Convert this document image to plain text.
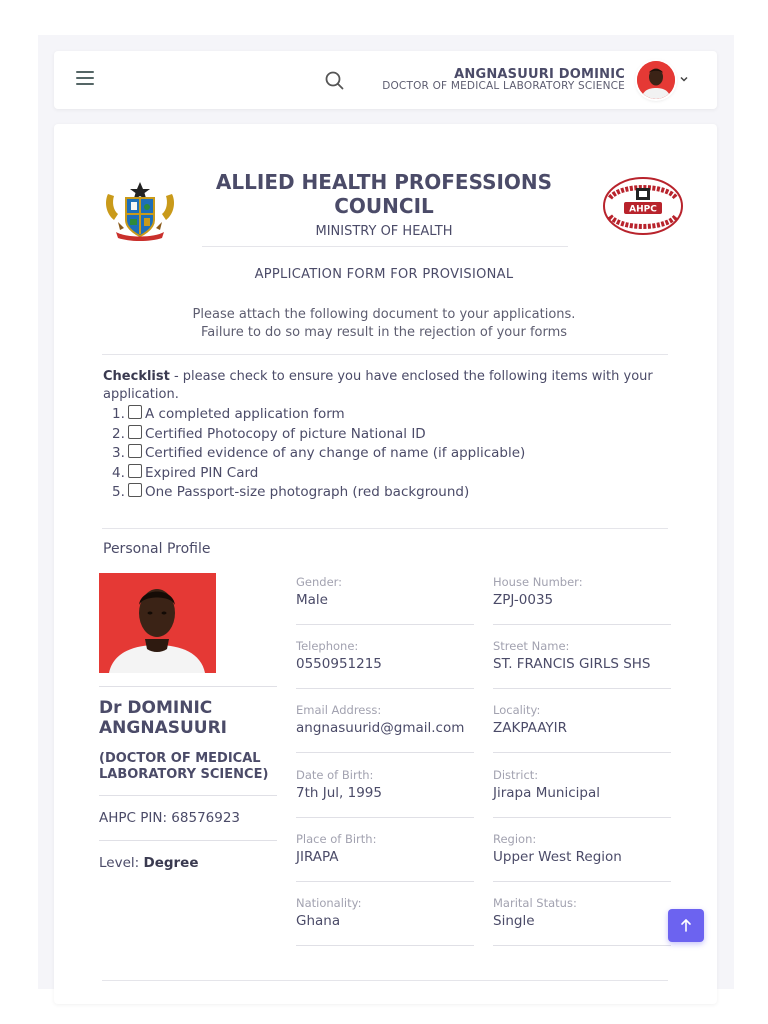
ANGNASUURI DOMINIC
DOCTOR OF MEDICAL LABORATORY SCIENCE
ALLIED HEALTH PROFESSIONS COUNCIL
MINISTRY OF HEALTH
AHPC
APPLICATION FORM FOR PROVISIONAL
Please attach the following document to your applications.
Failure to do so may result in the rejection of your forms
Checklist - please check to ensure you have enclosed the following items with your application.
1. A completed application form
2. Certified Photocopy of picture National ID
3. Certified evidence of any change of name (if applicable)
4. Expired PIN Card
5. One Passport-size photograph (red background)
Personal Profile
Dr DOMINIC
ANGNASUURI
(DOCTOR OF MEDICAL
LABORATORY SCIENCE)
AHPC PIN: 68576923
Level: Degree
Gender:
Male
Telephone:
0550951215
Email Address:
angnasuurid@gmail.com
Date of Birth:
7th Jul, 1995
Place of Birth:
JIRAPA
Nationality:
Ghana
House Number:
ZPJ-0035
Street Name:
ST. FRANCIS GIRLS SHS
Locality:
ZAKPAAYIR
District:
Jirapa Municipal
Region:
Upper West Region
Marital Status:
Single
